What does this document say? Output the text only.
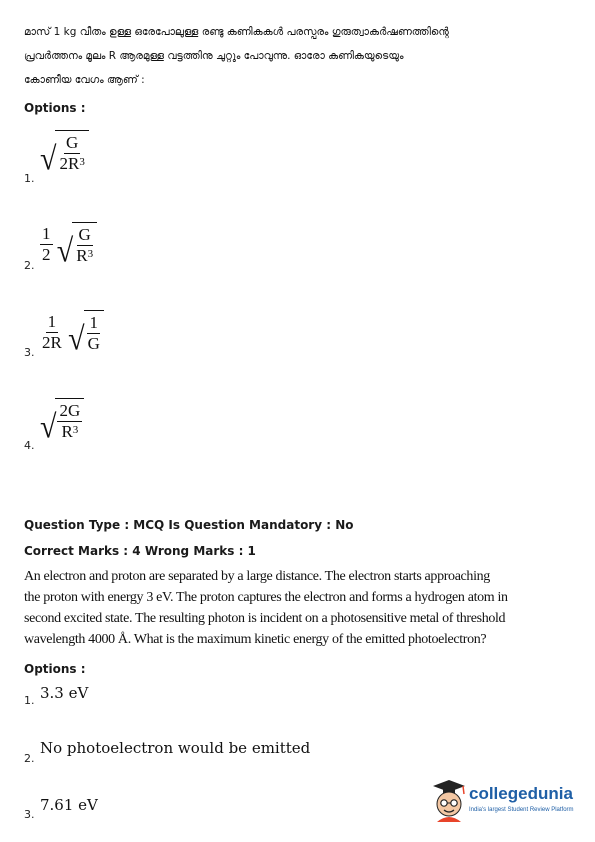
മാസ് 1 kg വീതം ഉള്ള ഒരേപോലുള്ള രണ്ടു കണികകൾ പരസ്പരം ഗുരുത്വാകർഷണത്തിന്റെ
പ്രവർത്തനം മൂലം R ആരമുള്ള വട്ടത്തിനു ചുറ്റും പോവുന്നു. ഓരോ കണികയുടെയും
കോണീയ വേഗം ആണ് :
Options :
1.
√ $\frac{G}{2R^3}$
2.
$\frac{1}{2}$
√ $\frac{G}{R^3}$
3. $\frac{1}{2R}$
√ $\frac{1}{G}$
4.
√ $\frac{2G}{R^3}$
Question Type : MCQ Is Question Mandatory : No
Correct Marks : 4 Wrong Marks : 1
An electron and proton are separated by a large distance. The electron starts approaching
the proton with energy 3 eV. The proton captures the electron and forms a hydrogen atom in
second excited state. The resulting photon is incident on a photosensitive metal of threshold
wavelength 4000 Å. What is the maximum kinetic energy of the emitted photoelectron?
Options :
1. 3.3 eV
2.
No photoelectron would be emitted
3.
7.61 eV
collegedunia
India's largest Student Review Platform
